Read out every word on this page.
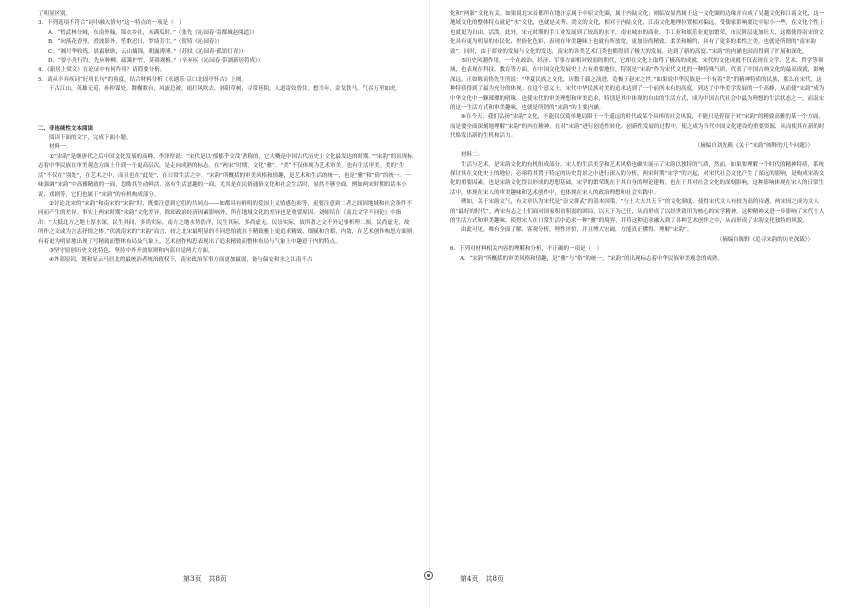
了明显区别。

3．下列选项不符合“词中融入情句”这一特点的一项是（　）

A．“暂武林分阃，东南外翰，锦衣乡社，未满瓜时。”（张先《沁园春·寄都城赵阅道》）

B．“向落花香里，澄波影外，笙歌迟日，罗绮芳尘。”（贺铸《沁园春》）

C．“湘月华收练，晨霜耿耿，云山摛锦，朝露溥溥。”（苏轼《沁园春·孤馆灯青》）

D．“要小舟行钓，先应种柳；疏篱护竹，莫碍观梅。”（辛弃疾《沁园春·带湖新居将成》）

4．《新居上梁文》在论证中有何作用？请简要分析。

5．请从辛弃疾词“好用长句”的角度，结合材料分析《永遇乐·京口北固亭怀古》上阕。

千古江山，英雄无觅，孙仲谋处。舞榭歌台，风流总被，雨打风吹去。斜阳草树，寻常巷陌，人道寄奴曾住。想当年，金戈铁马，气吞万里如虎。

二、非连续性文本阅读

阅读下面的文字，完成下面小题。

材料一：

①“宋韵”是继唐代之后中国文化发展的高峰，李泽厚说：“宋代是以’郁郁乎文哉’著称的，它大概是中国古代历史上文化最发达的时期。”“宋韵”的出现标志着中华民族在审美观念方面上升到一个更高层次，是走向成熟的标志。在“两宋”时期，文化“雅”、“美”不仅体现为艺术审美，也有生活审美。美的“生活”不仅在“别处”，在艺术之中，而且也在“此处”，在日常生活之中。“宋韵”所概括的审美风格和情趣，是艺术和生活的统一，也是“雅”和“俗”的统一。一味强调“宋韵”中高雅精致的一面，忽略其生动鲜活、富有生活意趣的一面，尤其是在民俗通俗文化和社会生活时，显然不够全面。例如两宋时期的话本小说、戏剧等，它们也属于“宋韵”的有机构成部分。

②讨论北宋的“宋韵”和南宋的“宋韵”时，既要注意到它们的共同点——如都具有鲜明的爱国主义情感色彩等，更要注意到二者之间因地域和社会条件不同而产生的差异。事实上两宋时期“宋韵”文化差异，除却政治经济因素影响外，所在地域文化的差异也是重要原因。刘师培在《南北文学不同论》中指出：“大抵北方之地土厚水深，民生其间，多尚实际。南方之地水势浩洋，民生其际，多尚虚无。民崇实际，故所著之文不外记事析理二端。民尚虚无，故所作之文或为言志抒情之体。”伏就南宋的“宋韵”而言，较之北宋最明显的不同恐怕就在于精致雅上更追求精致、细腻和含蓄，内敛，在艺术创作构思方面则有着更为明显地出现了写精致而整体布局及气象上。艺术创作构思表现出了追求精致而整体布局与气象上中趣意于内的特点。

③坚守原创历史文化特色，坚持中外开放原则和内部自觉两大方面。

④外部原因，既和显云马居北的最统治者统治政权下，南宋政治军事方面更加羸弱，备与偏安和水之江南不占

第3页　共8页

化和“两浙”文化有关。如果说北宋首都所在地汴京属于中原文化圈，属于内陆文化；则临安显然属于这一文化圈的边缘并自成了吴越文化和江南文化，这一地域文化的整体特点就是“水”文化，也就是灵秀、尚文的文化，相对于内陆文化，江南文化地理位置相对偏远，受儒家影响要比中原小一些，在文化个性上也就更为自由、活泼。此外，宋元时期的手工业发展到了较高的水平，南宋城市的商业、手工业和娱乐业更加繁荣，市民阶层更加壮大，这都使得南宋的文化具有更为明显的市民化、世俗化色彩，表现在审美趣味上也就有所放宽，更加崇尚精致、柔美和婉约，具有了更多的柔性之美，也就是所谓的“南宋韵致”。同时，由于商业的发展与文化的发达，南宋的各类艺术门类也都得到了极大的发展，达到了新的高度。”宋韵“的内涵也因而得到了扩展和深化。

⑤历史风潮作用，一个在政治、经济、军事方面相对较弱的朝代，它却在文化上取得了极高的成就，宋代的文化成就不仅表现在文学、艺术、哲学等领域，也表现在科技、教育等方面。在中国文化发展史上占有重要地位，特别是“宋韵”作为宋代文化的一种特殊气质，代表了中国古典文化的最高成就，影响深远。正如陈寅恪先生所说：“华夏民族之文化，历数千载之演进，造极于赵宋之世。”如果说中华民族是一个有着“美”的精神特质的民族，那么在宋代，这种特质得到了最为充分的体现。在这个意义上，宋代中华民族对美的追求达到了一个前所未有的高度，到达了中华美学发展的一个高峰，从而使“宋韵”成为中华文化中一颗璀璨的明珠，也使宋代的审美理想和审美追求，特别是其中体现的自由的生活方式，成为中国古代社会中最为理想的生活状态之一，而南宋的这一生活方式和审美趣味，也就是所谓的“宋韵”的主要内涵。

⑥在今天，我们弘扬“宋韵”文化，不能仅仅简单地局限于一个遥远的时代或某个具体的社会风貌，不能只是停留于对“宋韵”的精致高雅的某一个方面，而是要全面深刻地理解“宋韵”的内在精神，在对“宋韵”进行创造性转化、创新性发展的过程中，使之成为当代中国文化建设的重要资源，从而使其在新的时代焕发出新的生机和活力。

（摘编自刘先筱《关于“宋韵”阐释的几个问题》）

材料二：

生活与艺术，是宋韵文化的有机组成部分。宋人的生活美学和艺术风格也确实展示了宋韵以独特的气质，然而，如果要理解一个时代的精神特质，系统探讨其在文化史上的地位，必须将其置于特定的历史背景之中进行深入的分析。两宋时期“宋学”的兴起，对宋代社会文化产生了深远的影响，是构成宋韵文化的重要因素，也是宋韵文化得以形成的思想基础，宋学的繁荣既在于其自身的理论建构，也在于其对社会文化的深刻影响，这种影响体现在宋人的日常生活中，体现在宋人的审美趣味和艺术创作中，也体现在宋人的政治理想和社会实践中。

例如，关于宋韵文气，有文章认为宋代是“崇文抑武”的基本国策，“与士大夫共天下”的文化制度，使得宋代文人有较为高的待遇，两宋因之成为文人的“最好的时代”。两宋有志之士们面对国家积贫积弱的困局，以天下为己任，从而形成了以经世致用为核心的宋学精神，这种精神又进一步影响了宋代士人的生活方式和审美趣味，使得宋人在日常生活中追求一种“雅”的境界，并将这种追求融入到了各种艺术创作之中，从而形成了宋韵文化独特的风貌。

由此可见，唯有全面了解、客观分析，理性评价，并且博大宏阔，方能真正懂得、理解“宋韵”。

（摘编自陈野《追寻宋韵的历史深载》）

6．下列对材料相关内容的理解和分析，不正确的一项是（　）

A．“宋韵”所概括的审美风格和情趣，是“雅”与“俗”的统一；“宋韵”的出现标志着中华民族审美观念的成熟。

第4页　共8页
